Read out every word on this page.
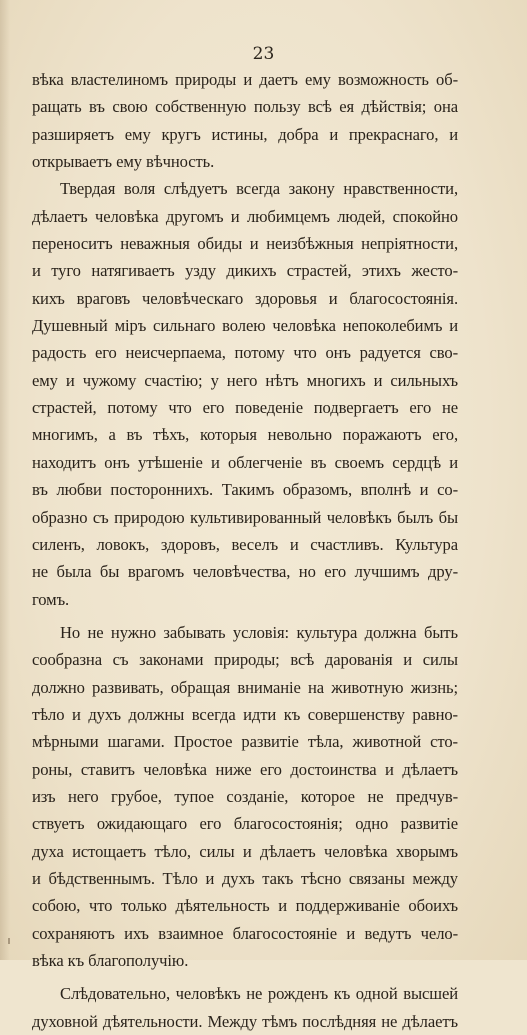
23
вѣка властелиномъ природы и даетъ ему возможность об-
ращать въ свою собственную пользу всѣ ея дѣйствія; она
разширяетъ ему кругъ истины, добра и прекраснаго, и
открываетъ ему вѣчность.
Твердая воля слѣдуетъ всегда закону нравственности,
дѣлаетъ человѣка другомъ и любимцемъ людей, спокойно
переноситъ неважныя обиды и неизбѣжныя непріятности,
и туго натягиваетъ узду дикихъ страстей, этихъ жесто-
кихъ враговъ человѣческаго здоровья и благосостоянія.
Душевный міръ сильнаго волею человѣка непоколебимъ и
радость его неисчерпаема, потому что онъ радуется сво-
ему и чужому счастію; у него нѣтъ многихъ и сильныхъ
страстей, потому что его поведеніе подвергаетъ его не
многимъ, а въ тѣхъ, которыя невольно поражаютъ его,
находитъ онъ утѣшеніе и облегченіе въ своемъ сердцѣ и
въ любви постороннихъ. Такимъ образомъ, вполнѣ и со-
образно съ природою культивированный человѣкъ былъ бы
силенъ, ловокъ, здоровъ, веселъ и счастливъ. Культура
не была бы врагомъ человѣчества, но его лучшимъ дру-
гомъ.
Но не нужно забывать условія: культура должна быть
сообразна съ законами природы; всѣ дарованія и силы
должно развивать, обращая вниманіе на животную жизнь;
тѣло и духъ должны всегда идти къ совершенству равно-
мѣрными шагами. Простое развитіе тѣла, животной сто-
роны, ставитъ человѣка ниже его достоинства и дѣлаетъ
изъ него грубое, тупое созданіе, которое не предчув-
ствуетъ ожидающаго его благосостоянія; одно развитіе
духа истощаетъ тѣло, силы и дѣлаетъ человѣка хворымъ
и бѣдственнымъ. Тѣло и духъ такъ тѣсно связаны между
собою, что только дѣятельность и поддерживаніе обоихъ
сохраняютъ ихъ взаимное благосостояніе и ведутъ чело-
вѣка къ благополучію.
Слѣдовательно, человѣкъ не рожденъ къ одной высшей
духовной дѣятельности. Между тѣмъ послѣдняя не дѣлаетъ
